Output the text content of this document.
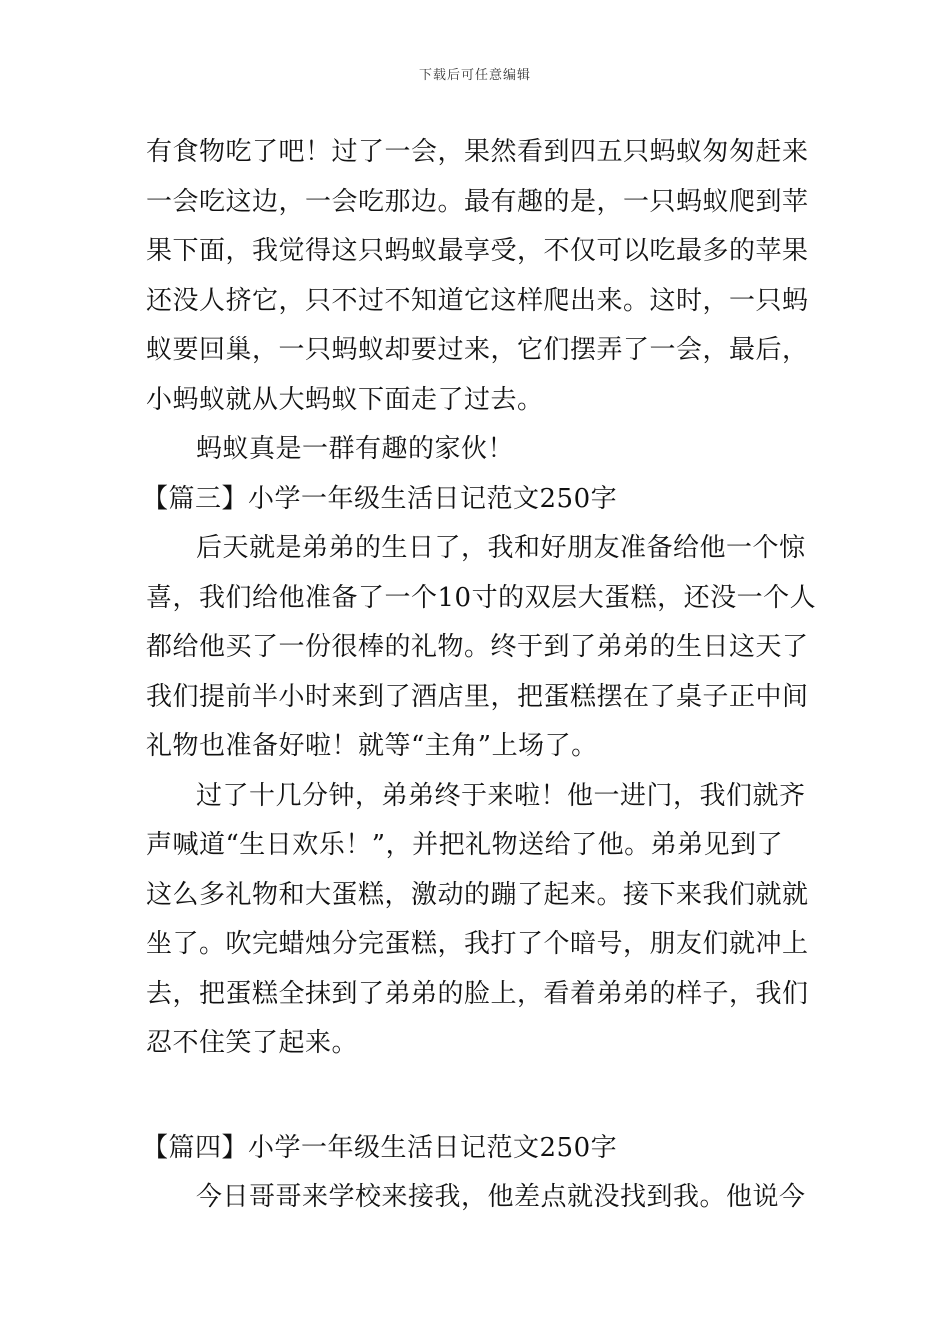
下载后可任意编辑
有食物吃了吧！过了一会，果然看到四五只蚂蚁匆匆赶来
一会吃这边，一会吃那边。最有趣的是，一只蚂蚁爬到苹
果下面，我觉得这只蚂蚁最享受，不仅可以吃最多的苹果
还没人挤它，只不过不知道它这样爬出来。这时，一只蚂
蚁要回巢，一只蚂蚁却要过来，它们摆弄了一会，最后，
小蚂蚁就从大蚂蚁下面走了过去。
蚂蚁真是一群有趣的家伙！
【篇三】小学一年级生活日记范文250字
后天就是弟弟的生日了，我和好朋友准备给他一个惊
喜，我们给他准备了一个10寸的双层大蛋糕，还没一个人
都给他买了一份很棒的礼物。终于到了弟弟的生日这天了
我们提前半小时来到了酒店里，把蛋糕摆在了桌子正中间
礼物也准备好啦！就等“主角”上场了。
过了十几分钟，弟弟终于来啦！他一进门，我们就齐
声喊道“生日欢乐！”，并把礼物送给了他。弟弟见到了
这么多礼物和大蛋糕，激动的蹦了起来。接下来我们就就
坐了。吹完蜡烛分完蛋糕，我打了个暗号，朋友们就冲上
去，把蛋糕全抹到了弟弟的脸上，看着弟弟的样子，我们
忍不住笑了起来。
【篇四】小学一年级生活日记范文250字
今日哥哥来学校来接我，他差点就没找到我。他说今
